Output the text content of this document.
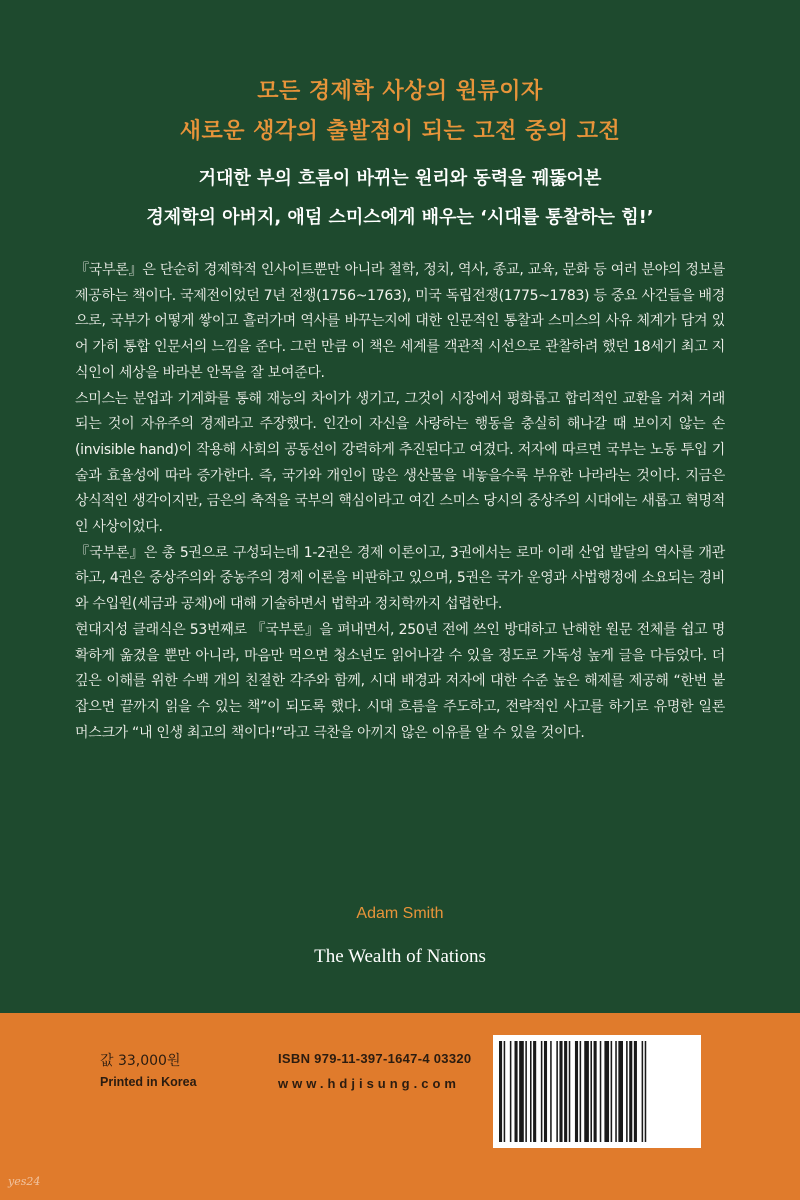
모든 경제학 사상의 원류이자
새로운 생각의 출발점이 되는 고전 중의 고전
거대한 부의 흐름이 바뀌는 원리와 동력을 꿰뚫어본
경제학의 아버지, 애덤 스미스에게 배우는 ‘시대를 통찰하는 힘!’

『국부론』은 단순히 경제학적 인사이트뿐만 아니라 철학, 정치, 역사, 종교, 교육, 문화 등 여러 분야의 정보를 제공하는 책이다. 국제전이었던 7년 전쟁(1756~1763), 미국 독립전쟁(1775~1783) 등 중요 사건들을 배경으로, 국부가 어떻게 쌓이고 흘러가며 역사를 바꾸는지에 대한 인문적인 통찰과 스미스의 사유 체계가 담겨 있어 가히 통합 인문서의 느낌을 준다. 그런 만큼 이 책은 세계를 객관적 시선으로 관찰하려 했던 18세기 최고 지식인이 세상을 바라본 안목을 잘 보여준다.

스미스는 분업과 기계화를 통해 재능의 차이가 생기고, 그것이 시장에서 평화롭고 합리적인 교환을 거쳐 거래되는 것이 자유주의 경제라고 주장했다. 인간이 자신을 사랑하는 행동을 충실히 해나갈 때 보이지 않는 손(invisible hand)이 작용해 사회의 공동선이 강력하게 추진된다고 여겼다. 저자에 따르면 국부는 노동 투입 기술과 효율성에 따라 증가한다. 즉, 국가와 개인이 많은 생산물을 내놓을수록 부유한 나라라는 것이다. 지금은 상식적인 생각이지만, 금은의 축적을 국부의 핵심이라고 여긴 스미스 당시의 중상주의 시대에는 새롭고 혁명적인 사상이었다.

『국부론』은 총 5권으로 구성되는데 1-2권은 경제 이론이고, 3권에서는 로마 이래 산업 발달의 역사를 개관하고, 4권은 중상주의와 중농주의 경제 이론을 비판하고 있으며, 5권은 국가 운영과 사법행정에 소요되는 경비와 수입원(세금과 공채)에 대해 기술하면서 법학과 정치학까지 섭렵한다.

현대지성 클래식은 53번째로 『국부론』을 펴내면서, 250년 전에 쓰인 방대하고 난해한 원문 전체를 쉽고 명확하게 옮겼을 뿐만 아니라, 마음만 먹으면 청소년도 읽어나갈 수 있을 정도로 가독성 높게 글을 다듬었다. 더 깊은 이해를 위한 수백 개의 친절한 각주와 함께, 시대 배경과 저자에 대한 수준 높은 해제를 제공해 “한번 붙잡으면 끝까지 읽을 수 있는 책”이 되도록 했다. 시대 흐름을 주도하고, 전략적인 사고를 하기로 유명한 일론 머스크가 “내 인생 최고의 책이다!”라고 극찬을 아끼지 않은 이유를 알 수 있을 것이다.

Adam Smith
The Wealth of Nations
값 33,000원
Printed in Korea
ISBN 979-11-397-1647-4 03320
www.hdjisung.com
yes24
